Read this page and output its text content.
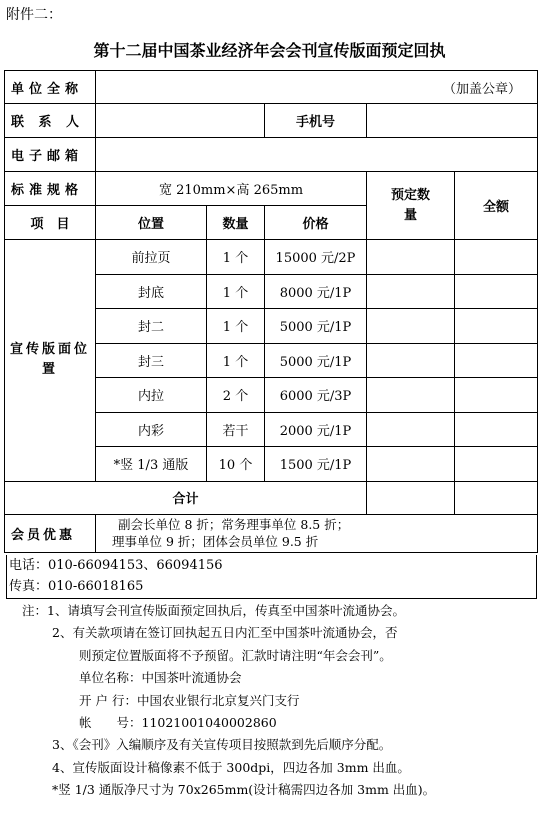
附件二：
第十二届中国茶业经济年会会刊宣传版面预定回执
单位全称	（加盖公章）				
联 系 人			手机号		
电子邮箱					
标准规格	宽 210mm×高 265mm			预定数量	全额
项　目	位置	数量	价格		
宣传版面位置	前拉页	1 个	15000 元/2P		
	封底	1 个	8000 元/1P		
	封二	1 个	5000 元/1P		
	封三	1 个	5000 元/1P		
	内拉	2 个	6000 元/3P		
	内彩	若干	2000 元/1P		
	*竖 1/3 通版	10 个	1500 元/1P		
合计					
会员优惠	副会长单位 8 折；常务理事单位 8.5 折；
理事单位 9 折；团体会员单位 9.5 折				
电话：010-66094153、66094156
传真：010-66018165
注：1、请填写会刊宣传版面预定回执后，传真至中国茶叶流通协会。
2、有关款项请在签订回执起五日内汇至中国茶叶流通协会，否
则预定位置版面将不予预留。汇款时请注明“年会会刊”。
单位名称：中国茶叶流通协会
开 户 行：中国农业银行北京复兴门支行
帐　　号：11021001040002860
3、《会刊》入编顺序及有关宣传项目按照款到先后顺序分配。
4、宣传版面设计稿像素不低于 300dpi，四边各加 3mm 出血。
*竖 1/3 通版净尺寸为 70x265mm(设计稿需四边各加 3mm 出血)。
